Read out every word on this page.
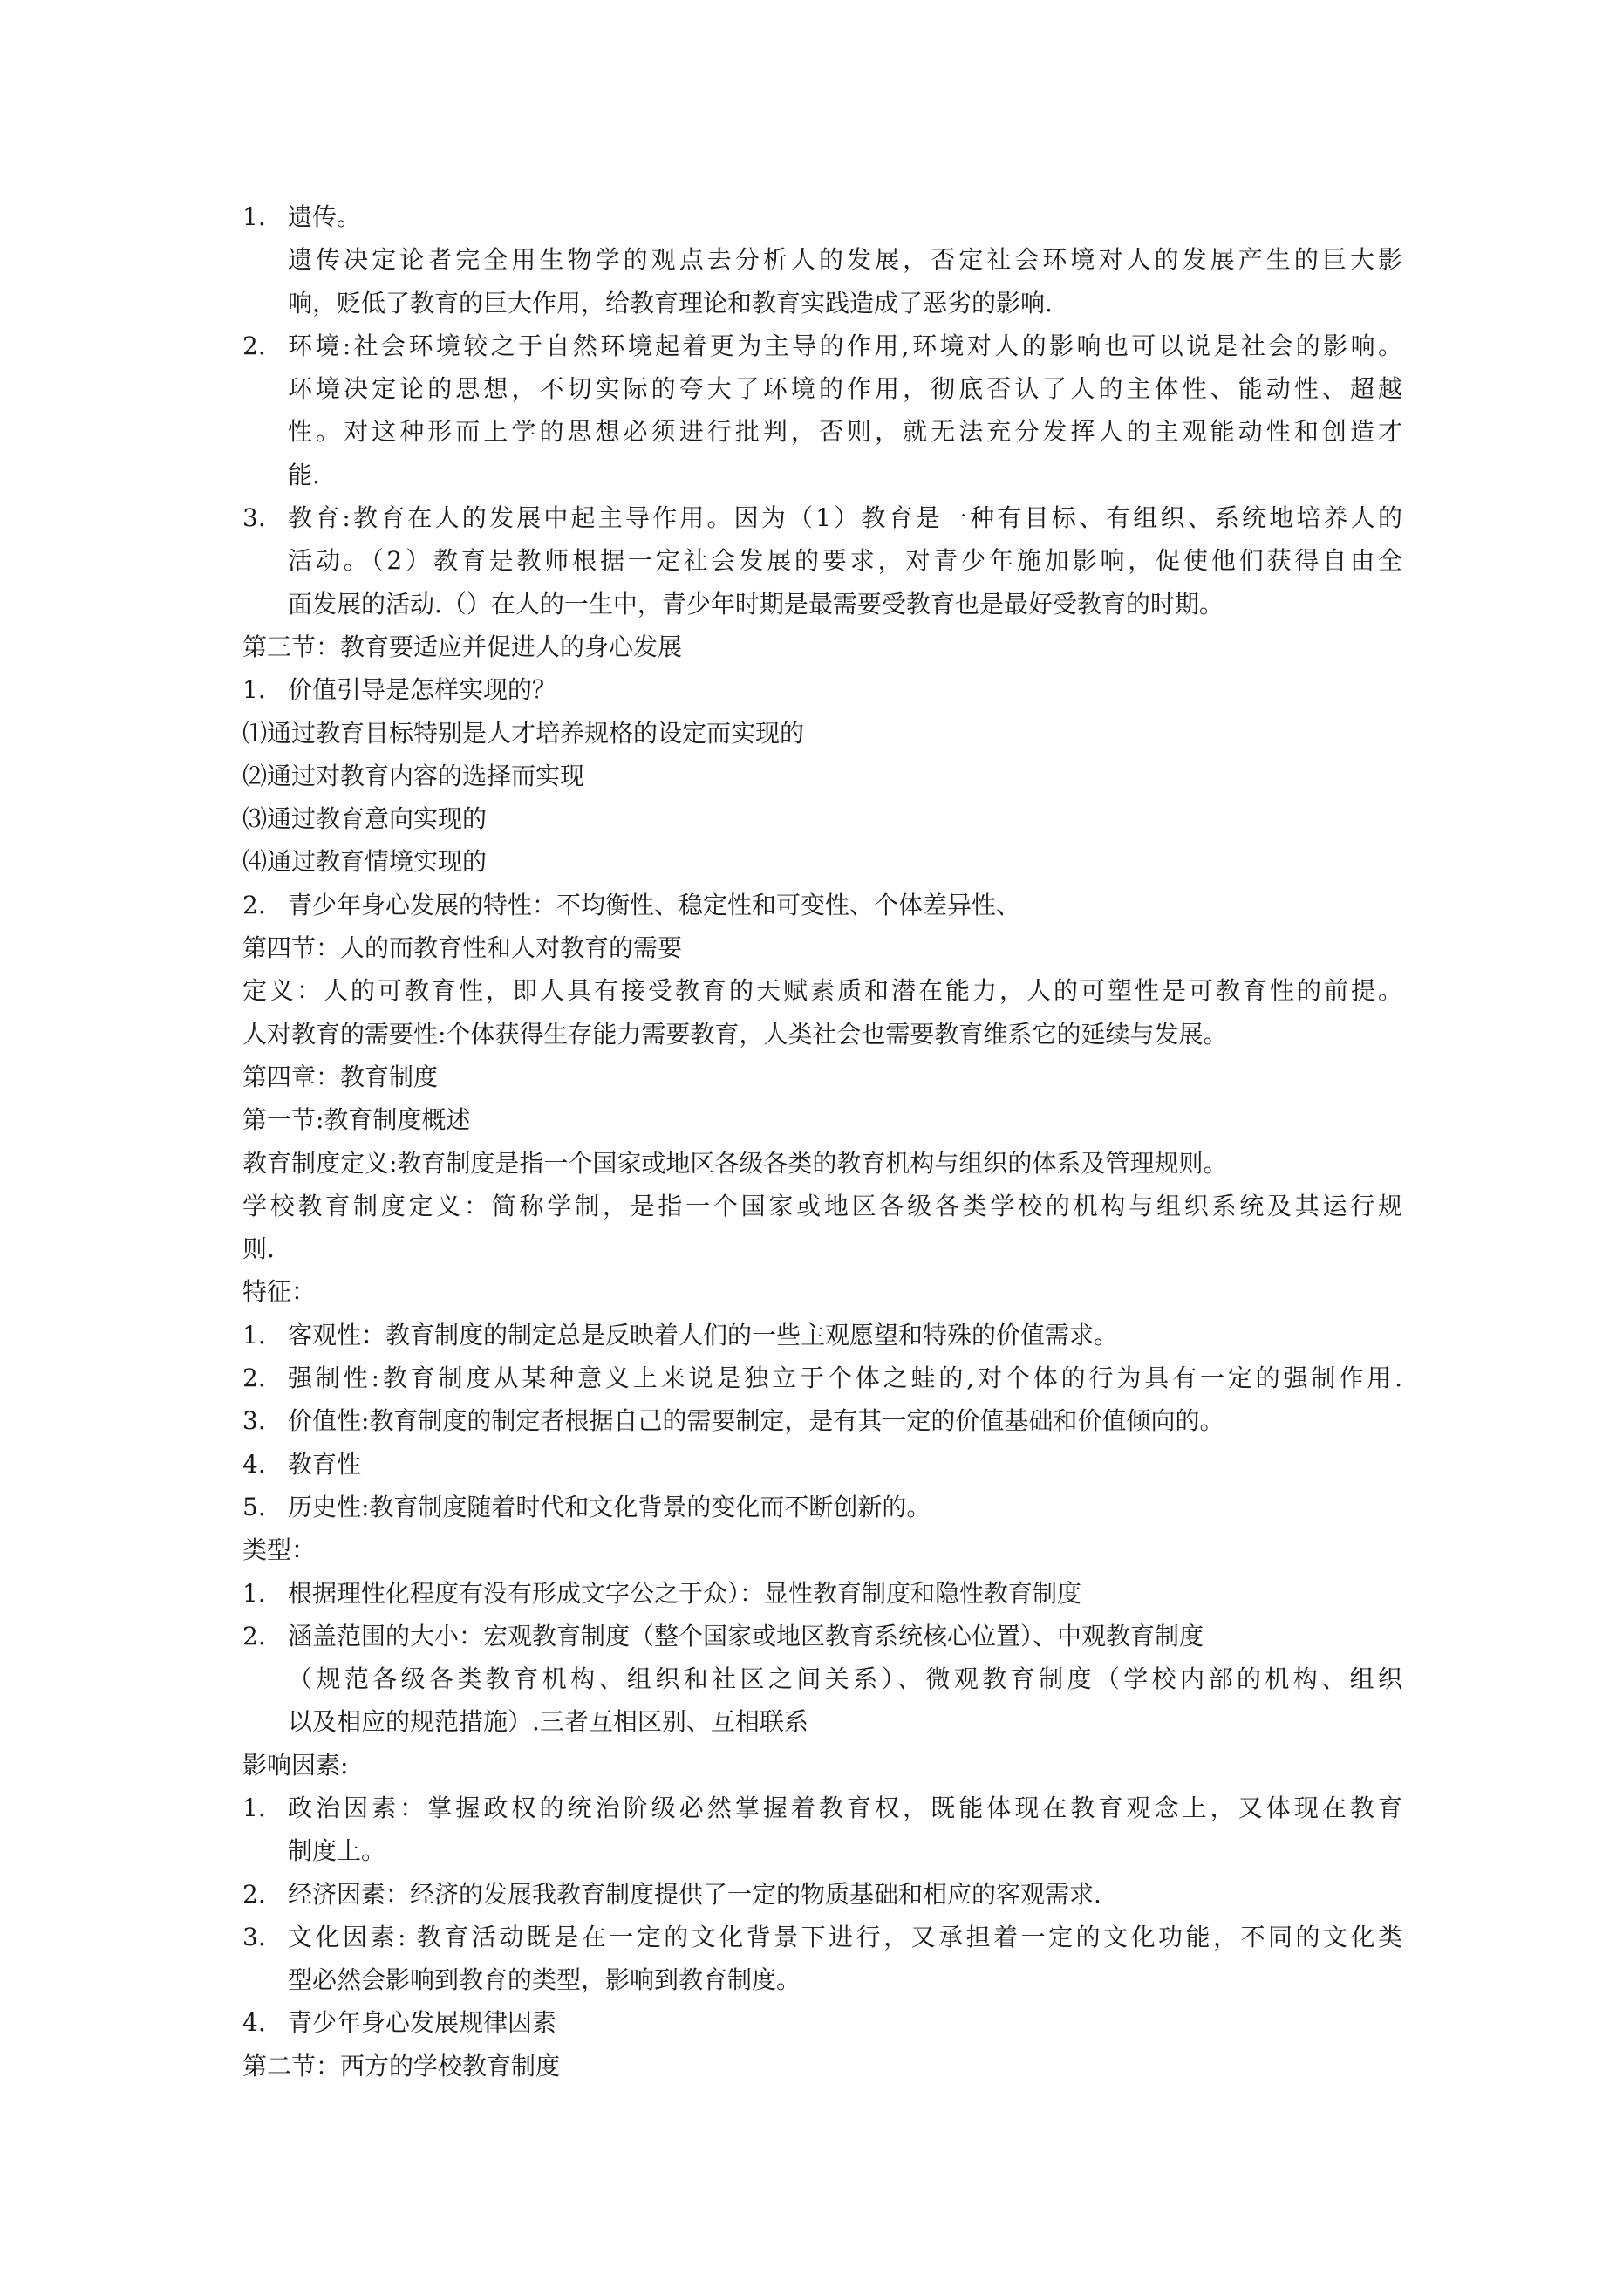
1. 遗传。
遗传决定论者完全用生物学的观点去分析人的发展，否定社会环境对人的发展产生的巨大影
响，贬低了教育的巨大作用，给教育理论和教育实践造成了恶劣的影响.
2. 环境:社会环境较之于自然环境起着更为主导的作用,环境对人的影响也可以说是社会的影响。
环境决定论的思想，不切实际的夸大了环境的作用，彻底否认了人的主体性、能动性、超越
性。对这种形而上学的思想必须进行批判，否则，就无法充分发挥人的主观能动性和创造才
能.
3. 教育:教育在人的发展中起主导作用。因为（1）教育是一种有目标、有组织、系统地培养人的
活动。（2）教育是教师根据一定社会发展的要求，对青少年施加影响，促使他们获得自由全
面发展的活动.（）在人的一生中，青少年时期是最需要受教育也是最好受教育的时期。
第三节：教育要适应并促进人的身心发展
1. 价值引导是怎样实现的？
⑴通过教育目标特别是人才培养规格的设定而实现的
⑵通过对教育内容的选择而实现
⑶通过教育意向实现的
⑷通过教育情境实现的
2. 青少年身心发展的特性：不均衡性、稳定性和可变性、个体差异性、
第四节：人的而教育性和人对教育的需要
定义：人的可教育性，即人具有接受教育的天赋素质和潜在能力，人的可塑性是可教育性的前提。
人对教育的需要性:个体获得生存能力需要教育，人类社会也需要教育维系它的延续与发展。
第四章：教育制度
第一节:教育制度概述
教育制度定义:教育制度是指一个国家或地区各级各类的教育机构与组织的体系及管理规则。
学校教育制度定义：简称学制，是指一个国家或地区各级各类学校的机构与组织系统及其运行规
则.
特征：
1. 客观性：教育制度的制定总是反映着人们的一些主观愿望和特殊的价值需求。
2. 强制性:教育制度从某种意义上来说是独立于个体之蛙的,对个体的行为具有一定的强制作用.
3. 价值性:教育制度的制定者根据自己的需要制定，是有其一定的价值基础和价值倾向的。
4. 教育性
5. 历史性:教育制度随着时代和文化背景的变化而不断创新的。
类型：
1. 根据理性化程度有没有形成文字公之于众）：显性教育制度和隐性教育制度
2. 涵盖范围的大小：宏观教育制度（整个国家或地区教育系统核心位置）、中观教育制度
（规范各级各类教育机构、组织和社区之间关系）、微观教育制度（学校内部的机构、组织
以及相应的规范措施）.三者互相区别、互相联系
影响因素:
1. 政治因素：掌握政权的统治阶级必然掌握着教育权，既能体现在教育观念上，又体现在教育
制度上。
2. 经济因素：经济的发展我教育制度提供了一定的物质基础和相应的客观需求.
3. 文化因素: 教育活动既是在一定的文化背景下进行，又承担着一定的文化功能，不同的文化类
型必然会影响到教育的类型，影响到教育制度。
4. 青少年身心发展规律因素
第二节：西方的学校教育制度
